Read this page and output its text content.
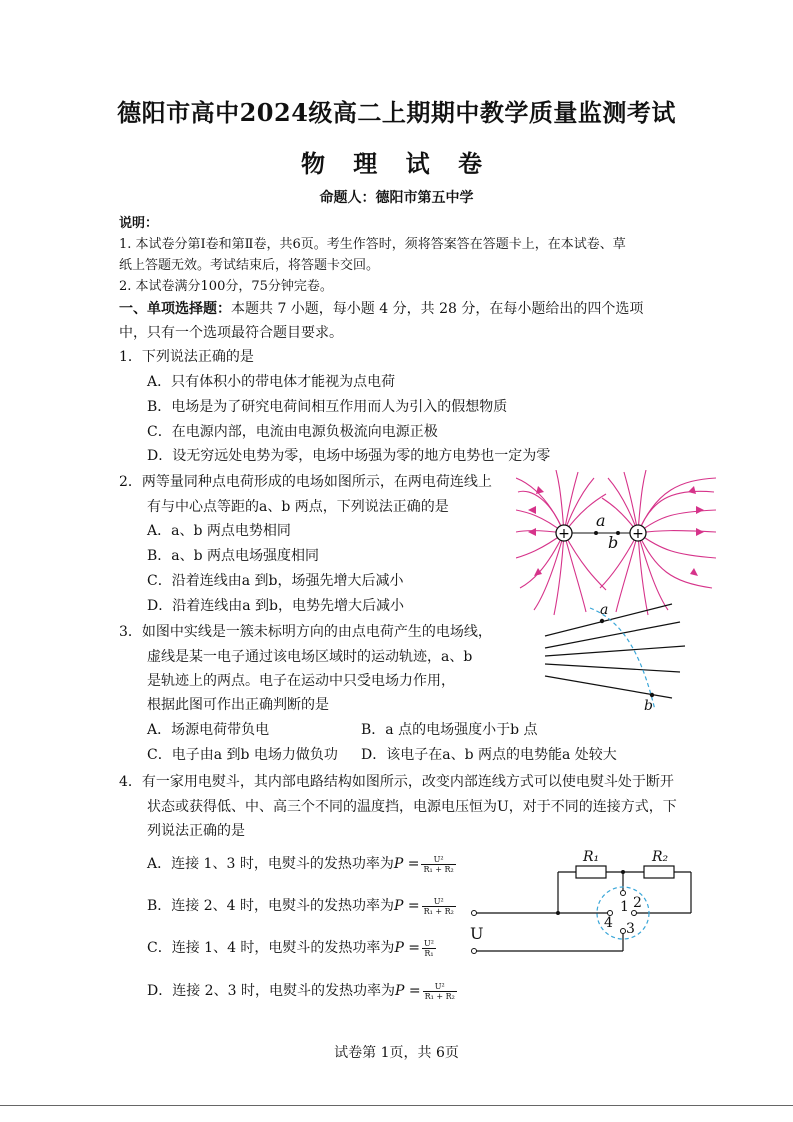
德阳市高中2024级高二上期期中教学质量监测考试
物 理 试 卷
命题人：德阳市第五中学
说明：
1. 本试卷分第Ⅰ卷和第Ⅱ卷，共6页。考生作答时，须将答案答在答题卡上，在本试卷、草
纸上答题无效。考试结束后，将答题卡交回。
2. 本试卷满分100分，75分钟完卷。
一、单项选择题：本题共 7 小题，每小题 4 分，共 28 分，在每小题给出的四个选项
中，只有一个选项最符合题目要求。
1．下列说法正确的是
A．只有体积小的带电体才能视为点电荷
B．电场是为了研究电荷间相互作用而人为引入的假想物质
C．在电源内部，电流由电源负极流向电源正极
D．设无穷远处电势为零，电场中场强为零的地方电势也一定为零
2．两等量同种点电荷形成的电场如图所示，在两电荷连线上
有与中心点等距的a、b 两点，下列说法正确的是
A．a、b 两点电势相同
B．a、b 两点电场强度相同
C．沿着连线由a 到b，场强先增大后减小
D．沿着连线由a 到b，电势先增大后减小
+	+
a
b
3．如图中实线是一簇未标明方向的由点电荷产生的电场线，
虚线是某一电子通过该电场区域时的运动轨迹，a、b
是轨迹上的两点。电子在运动中只受电场力作用，
根据此图可作出正确判断的是
A．场源电荷带负电	B．a 点的电场强度小于b 点
C．电子由a 到b 电场力做负功 D．该电子在a、b 两点的电势能a 处较大
a
b
4．有一家用电熨斗，其内部电路结构如图所示，改变内部连线方式可以使电熨斗处于断开
状态或获得低、中、高三个不同的温度挡，电源电压恒为U，对于不同的连接方式，下
列说法正确的是
A．连接 1、3 时，电熨斗的发热功率为$P = \frac{\text{U²}}{\text{R₁ + R₂}}$
B．连接 2、4 时，电熨斗的发热功率为$P = \frac{\text{U²}}{\text{R₁ + R₂}}$
C．连接 1、4 时，电熨斗的发热功率为$P = \frac{\text{U²}}{\text{R₁}}$
D．连接 2、3 时，电熨斗的发热功率为$P = \frac{\text{U²}}{\text{R₁ + R₂}}$
R₁	R₂
1 2
3
4
U
试卷第 1页，共 6页
